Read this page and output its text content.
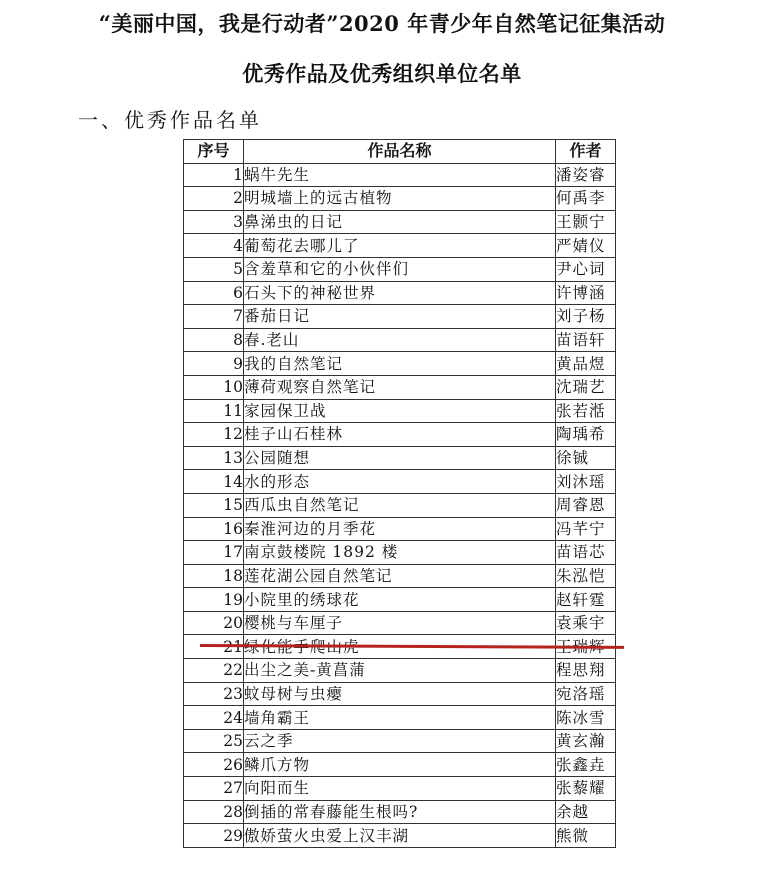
“美丽中国，我是行动者”2020 年青少年自然笔记征集活动
优秀作品及优秀组织单位名单
一、优秀作品名单
序号	作品名称	作者
1	蜗牛先生	潘姿睿
2	明城墙上的远古植物	何禹李
3	鼻涕虫的日记	王颢宁
4	葡萄花去哪儿了	严婧仪
5	含羞草和它的小伙伴们	尹心词
6	石头下的神秘世界	许博涵
7	番茄日记	刘子杨
8	春.老山	苗语轩
9	我的自然笔记	黄品煜
10	薄荷观察自然笔记	沈瑞艺
11	家园保卫战	张若湉
12	桂子山石桂林	陶瑀希
13	公园随想	徐铖
14	水的形态	刘沐瑶
15	西瓜虫自然笔记	周睿恩
16	秦淮河边的月季花	冯芊宁
17	南京鼓楼院 1892 楼	苗语芯
18	莲花湖公园自然笔记	朱泓恺
19	小院里的绣球花	赵轩霆
20	樱桃与车厘子	袁乘宇
21	绿化能手爬山虎	王瑞辉
22	出尘之美-黄菖蒲	程思翔
23	蚊母树与虫瘿	宛洛瑶
24	墙角霸王	陈冰雪
25	云之季	黄玄瀚
26	鳞爪方物	张鑫垚
27	向阳而生	张藜耀
28	倒插的常春藤能生根吗?	余越
29	傲娇萤火虫爱上汉丰湖	熊微
